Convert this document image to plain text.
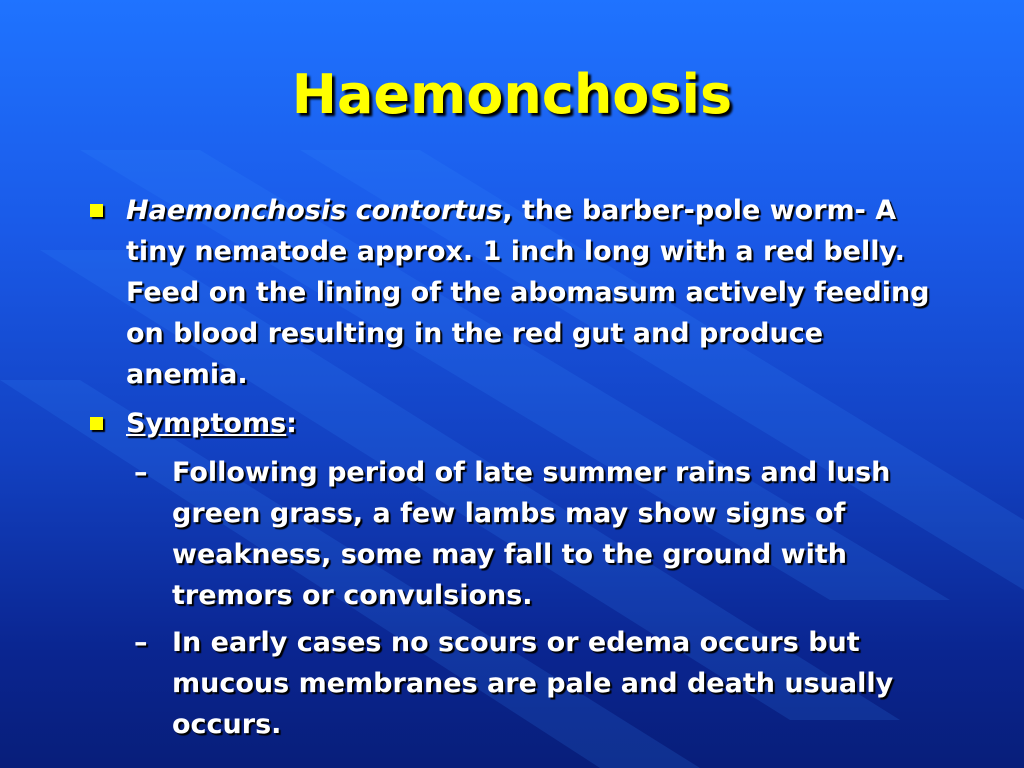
Haemonchosis
Haemonchosis contortus, the barber-pole worm- A tiny nematode approx. 1 inch long with a red belly. Feed on the lining of the abomasum actively feeding on blood resulting in the red gut and produce anemia.
Symptoms:
– Following period of late summer rains and lush green grass, a few lambs may show signs of weakness, some may fall to the ground with tremors or convulsions.
– In early cases no scours or edema occurs but mucous membranes are pale and death usually occurs.
